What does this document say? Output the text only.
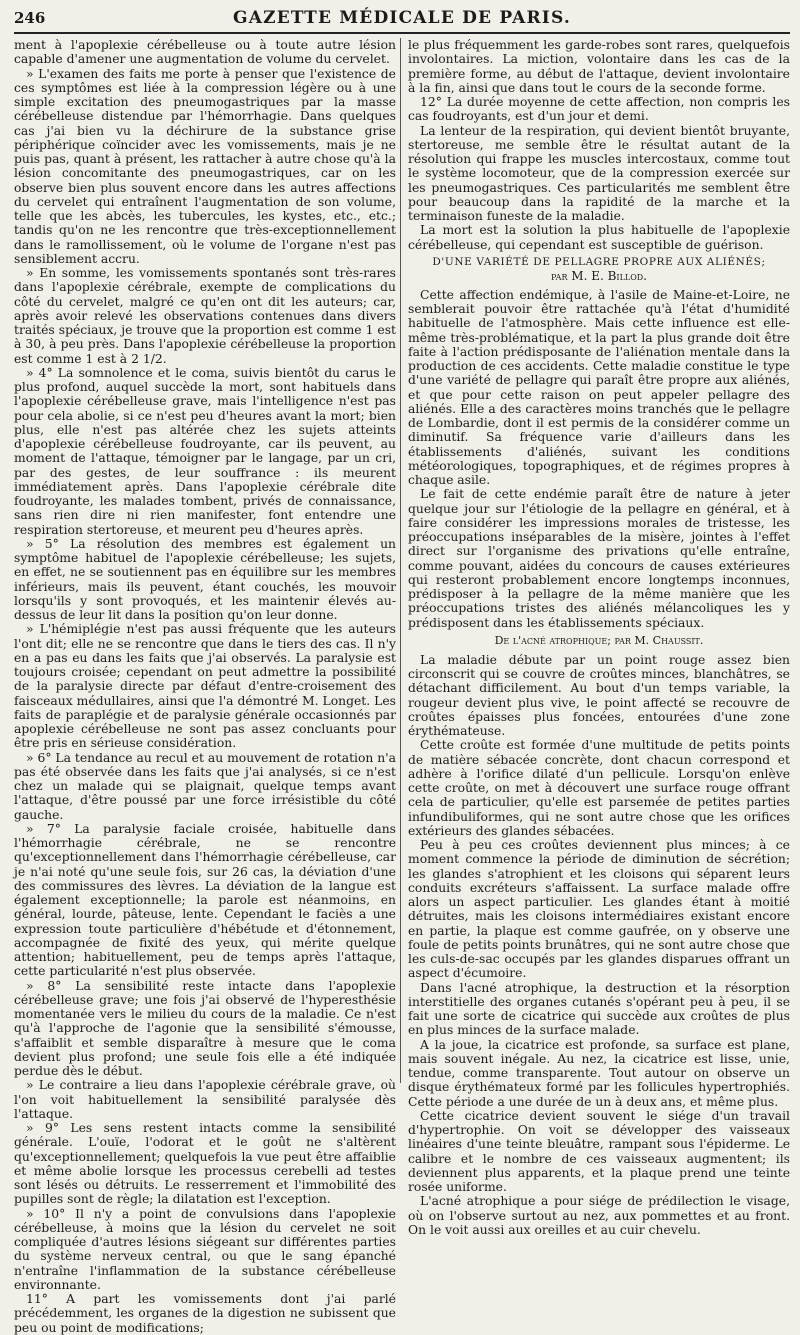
246	GAZETTE MÉDICALE DE PARIS.

ment à l'apoplexie cérébelleuse ou à toute autre lésion capable d'amener une augmentation de volume du cervelet.

» L'examen des faits me porte à penser que l'existence de ces symptômes est liée à la compression légère ou à une simple excitation des pneumogastriques par la masse cérébelleuse distendue par l'hémorrhagie. Dans quelques cas j'ai bien vu la déchirure de la substance grise périphérique coïncider avec les vomissements, mais je ne puis pas, quant à présent, les rattacher à autre chose qu'à la lésion concomitante des pneumogastriques, car on les observe bien plus souvent encore dans les autres affections du cervelet qui entraînent l'augmentation de son volume, telle que les abcès, les tubercules, les kystes, etc., etc.; tandis qu'on ne les rencontre que très-exceptionnellement dans le ramollissement, où le volume de l'organe n'est pas sensiblement accru.

» En somme, les vomissements spontanés sont très-rares dans l'apoplexie cérébrale, exempte de complications du côté du cervelet, malgré ce qu'en ont dit les auteurs; car, après avoir relevé les observations contenues dans divers traités spéciaux, je trouve que la proportion est comme 1 est à 30, à peu près. Dans l'apoplexie cérébelleuse la proportion est comme 1 est à 2 1/2.

» 4° La somnolence et le coma, suivis bientôt du carus le plus profond, auquel succède la mort, sont habituels dans l'apoplexie cérébelleuse grave, mais l'intelligence n'est pas pour cela abolie, si ce n'est peu d'heures avant la mort; bien plus, elle n'est pas altérée chez les sujets atteints d'apoplexie cérébelleuse foudroyante, car ils peuvent, au moment de l'attaque, témoigner par le langage, par un cri, par des gestes, de leur souffrance : ils meurent immédiatement après. Dans l'apoplexie cérébrale dite foudroyante, les malades tombent, privés de connaissance, sans rien dire ni rien manifester, font entendre une respiration stertoreuse, et meurent peu d'heures après.

» 5° La résolution des membres est également un symptôme habituel de l'apoplexie cérébelleuse; les sujets, en effet, ne se soutiennent pas en équilibre sur les membres inférieurs, mais ils peuvent, étant couchés, les mouvoir lorsqu'ils y sont provoqués, et les maintenir élevés au-dessus de leur lit dans la position qu'on leur donne.

» L'hémiplégie n'est pas aussi fréquente que les auteurs l'ont dit; elle ne se rencontre que dans le tiers des cas. Il n'y en a pas eu dans les faits que j'ai observés. La paralysie est toujours croisée; cependant on peut admettre la possibilité de la paralysie directe par défaut d'entre-croisement des faisceaux médullaires, ainsi que l'a démontré M. Longet. Les faits de paraplégie et de paralysie générale occasionnés par apoplexie cérébelleuse ne sont pas assez concluants pour être pris en sérieuse considération.

» 6° La tendance au recul et au mouvement de rotation n'a pas été observée dans les faits que j'ai analysés, si ce n'est chez un malade qui se plaignait, quelque temps avant l'attaque, d'être poussé par une force irrésistible du côté gauche.

» 7° La paralysie faciale croisée, habituelle dans l'hémorrhagie cérébrale, ne se rencontre qu'exceptionnellement dans l'hémorrhagie cérébelleuse, car je n'ai noté qu'une seule fois, sur 26 cas, la déviation d'une des commissures des lèvres. La déviation de la langue est également exceptionnelle; la parole est néanmoins, en général, lourde, pâteuse, lente. Cependant le faciès a une expression toute particulière d'hébétude et d'étonnement, accompagnée de fixité des yeux, qui mérite quelque attention; habituellement, peu de temps après l'attaque, cette particularité n'est plus observée.

» 8° La sensibilité reste intacte dans l'apoplexie cérébelleuse grave; une fois j'ai observé de l'hyperesthésie momentanée vers le milieu du cours de la maladie. Ce n'est qu'à l'approche de l'agonie que la sensibilité s'émousse, s'affaiblit et semble disparaître à mesure que le coma devient plus profond; une seule fois elle a été indiquée perdue dès le début.

» Le contraire a lieu dans l'apoplexie cérébrale grave, où l'on voit habituellement la sensibilité paralysée dès l'attaque.

» 9° Les sens restent intacts comme la sensibilité générale. L'ouïe, l'odorat et le goût ne s'altèrent qu'exceptionnellement; quelquefois la vue peut être affaiblie et même abolie lorsque les processus cerebelli ad testes sont lésés ou détruits. Le resserrement et l'immobilité des pupilles sont de règle; la dilatation est l'exception.

» 10° Il n'y a point de convulsions dans l'apoplexie cérébelleuse, à moins que la lésion du cervelet ne soit compliquée d'autres lésions siégeant sur différentes parties du système nerveux central, ou que le sang épanché n'entraîne l'inflammation de la substance cérébelleuse environnante.

11° A part les vomissements dont j'ai parlé précédemment, les organes de la digestion ne subissent que peu ou point de modifications;

le plus fréquemment les garde-robes sont rares, quelquefois involontaires. La miction, volontaire dans les cas de la première forme, au début de l'attaque, devient involontaire à la fin, ainsi que dans tout le cours de la seconde forme.

12° La durée moyenne de cette affection, non compris les cas foudroyants, est d'un jour et demi.

La lenteur de la respiration, qui devient bientôt bruyante, stertoreuse, me semble être le résultat autant de la résolution qui frappe les muscles intercostaux, comme tout le système locomoteur, que de la compression exercée sur les pneumogastriques. Ces particularités me semblent être pour beaucoup dans la rapidité de la marche et la terminaison funeste de la maladie.

La mort est la solution la plus habituelle de l'apoplexie cérébelleuse, qui cependant est susceptible de guérison.

D'UNE VARIÉTÉ DE PELLAGRE PROPRE AUX ALIÉNÉS;
par M. E. Billod.

Cette affection endémique, à l'asile de Maine-et-Loire, ne semblerait pouvoir être rattachée qu'à l'état d'humidité habituelle de l'atmosphère. Mais cette influence est elle-même très-problématique, et la part la plus grande doit être faite à l'action prédisposante de l'aliénation mentale dans la production de ces accidents. Cette maladie constitue le type d'une variété de pellagre qui paraît être propre aux aliénés, et que pour cette raison on peut appeler pellagre des aliénés. Elle a des caractères moins tranchés que le pellagre de Lombardie, dont il est permis de la considérer comme un diminutif. Sa fréquence varie d'ailleurs dans les établissements d'aliénés, suivant les conditions météorologiques, topographiques, et de régimes propres à chaque asile.

Le fait de cette endémie paraît être de nature à jeter quelque jour sur l'étiologie de la pellagre en général, et à faire considérer les impressions morales de tristesse, les préoccupations inséparables de la misère, jointes à l'effet direct sur l'organisme des privations qu'elle entraîne, comme pouvant, aidées du concours de causes extérieures qui resteront probablement encore longtemps inconnues, prédisposer à la pellagre de la même manière que les préoccupations tristes des aliénés mélancoliques les y prédisposent dans les établissements spéciaux.

De l'acné atrophique; par M. Chaussit.

La maladie débute par un point rouge assez bien circonscrit qui se couvre de croûtes minces, blanchâtres, se détachant difficilement. Au bout d'un temps variable, la rougeur devient plus vive, le point affecté se recouvre de croûtes épaisses plus foncées, entourées d'une zone érythémateuse.

Cette croûte est formée d'une multitude de petits points de matière sébacée concrète, dont chacun correspond et adhère à l'orifice dilaté d'un pellicule. Lorsqu'on enlève cette croûte, on met à découvert une surface rouge offrant cela de particulier, qu'elle est parsemée de petites parties infundibuliformes, qui ne sont autre chose que les orifices extérieurs des glandes sébacées.

Peu à peu ces croûtes deviennent plus minces; à ce moment commence la période de diminution de sécrétion; les glandes s'atrophient et les cloisons qui séparent leurs conduits excréteurs s'affaissent. La surface malade offre alors un aspect particulier. Les glandes étant à moitié détruites, mais les cloisons intermédiaires existant encore en partie, la plaque est comme gaufrée, on y observe une foule de petits points brunâtres, qui ne sont autre chose que les culs-de-sac occupés par les glandes disparues offrant un aspect d'écumoire.

Dans l'acné atrophique, la destruction et la résorption interstitielle des organes cutanés s'opérant peu à peu, il se fait une sorte de cicatrice qui succède aux croûtes de plus en plus minces de la surface malade.

A la joue, la cicatrice est profonde, sa surface est plane, mais souvent inégale. Au nez, la cicatrice est lisse, unie, tendue, comme transparente. Tout autour on observe un disque érythémateux formé par les follicules hypertrophiés. Cette période a une durée de un à deux ans, et même plus.

Cette cicatrice devient souvent le siége d'un travail d'hypertrophie. On voit se développer des vaisseaux linéaires d'une teinte bleuâtre, rampant sous l'épiderme. Le calibre et le nombre de ces vaisseaux augmentent; ils deviennent plus apparents, et la plaque prend une teinte rosée uniforme.

L'acné atrophique a pour siége de prédilection le visage, où on l'observe surtout au nez, aux pommettes et au front. On le voit aussi aux oreilles et au cuir chevelu.
